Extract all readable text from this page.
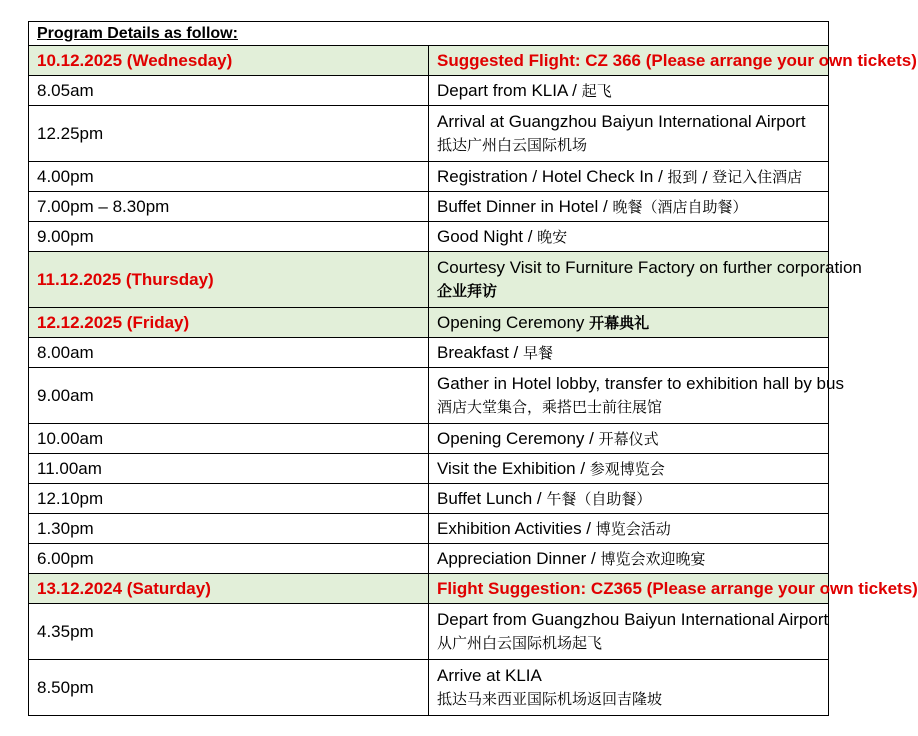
Program Details as follow:	
10.12.2025 (Wednesday)	Suggested Flight: CZ 366 (Please arrange your own tickets)
8.05am	Depart from KLIA / 起飞
12.25pm	Arrival at Guangzhou Baiyun International Airport
抵达广州白云国际机场
4.00pm	Registration / Hotel Check In / 报到 / 登记入住酒店
7.00pm – 8.30pm	Buffet Dinner in Hotel / 晚餐（酒店自助餐）
9.00pm	Good Night / 晚安
11.12.2025 (Thursday)	Courtesy Visit to Furniture Factory on further corporation
企业拜访
12.12.2025 (Friday)	Opening Ceremony 开幕典礼
8.00am	Breakfast / 早餐
9.00am	Gather in Hotel lobby, transfer to exhibition hall by bus
酒店大堂集合，乘搭巴士前往展馆
10.00am	Opening Ceremony / 开幕仪式
11.00am	Visit the Exhibition / 参观博览会
12.10pm	Buffet Lunch / 午餐（自助餐）
1.30pm	Exhibition Activities / 博览会活动
6.00pm	Appreciation Dinner / 博览会欢迎晚宴
13.12.2024 (Saturday)	Flight Suggestion: CZ365 (Please arrange your own tickets)
4.35pm	Depart from Guangzhou Baiyun International Airport
从广州白云国际机场起飞
8.50pm	Arrive at KLIA
抵达马来西亚国际机场返回吉隆坡
